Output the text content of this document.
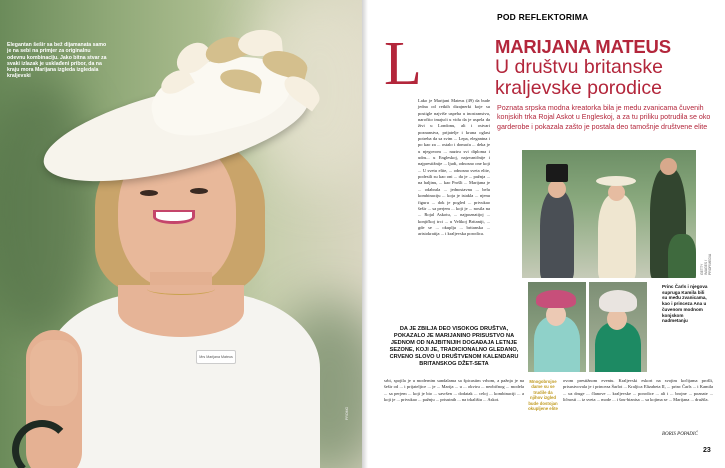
Mrs Marijana Mateus
Elegantan šešir sa bež dijamanata samo je na sebi na primjer za originalnu odevnu kombinaciju. Jako bitna stvar za svaki izlazak je usklađeni pribor, da na kraju mora Marijana izgleda izgledala kraljevski
PROMO
POD REFLEKTORIMA
L	MARIJANA MATEUS
U društvu britanske kraljevske porodice
Poznata srpska modna kreatorka bila je medu zvanicama čuvenih konjskih trka Rojal Askot u Engleskoj, a za tu priliku potrudila se oko garderobe i pokazala zašto je postala deo tamošnje društvene elite
Lako je Marijani Mateus (49) da bude jedna od retkih dizajnerki koje su postigle najviše uspeha u inostranstvu, naročito imajući u vidu da je uspela da živi u Londonu, ali i ostvari poznanstva, prijatelje i kruna oglasi potreba da sa svim ... Lepa, elegantna i po kao za ... ostalo i domaća ... deka je u njegovom ... naziru svi diploma i udru... u Engleskoj, najzvaničnije i najprestižnije ... ljudi, odnosno one koji ... U svetu elite, ... odnosno sveta elite, podesili su kao oni ... da je ... pažnja ... na haljinu, ... kao Prošli ... Marijana je ... odabrala ... jednostavnu ... belu kombinaciju ... koja je istakla ... njenu figuru ... dok je pogled ... privukao šešir ... sa perjem ... koji je ... nosila na ... Rojal Askotu, ... najpoznatijoj ... konjičkoj trci ... u Velikoj Britaniji, ... gde se ... okuplja ... britanska ... aristokratija ... i kraljevska porodica.
DA JE ZBILJA DEO VISOKOG DRUŠTVA, POKAZALO JE MARIJANINO PRISUSTVO NA JEDNOM OD NAJBITNIJIH DOGAĐAJA LETNJE SEZONE, KOJI JE, TRADICIONALNO GLEDANO, CRVENO SLOVO U DRUŠTVENOM KALENDARU BRITANSKOG DŽET-SETA
srbi, spojila je u modernim sandalama sa špicastim vrhom, a pažnja je na šešir od ... i prijateljice ... je ... Marija ... u ... okviru ... neobičnog ... modela ... sa perjem ... koji je bio ... savršen ... dodatak ... celoj ... kombinaciji ... a koji je ... privukao ... pažnju ... prisutnih ... na trkalištu ... Askot.
ovom prestižnom eventu. Kraljevski eskort na svojim kočijama prošli, prisustvovala je i princeza Šarlot ... Kraljica Elizabeta II, ... princ Čarls ... i Kamila ... uz druge ... članove ... kraljevske ... porodice ... ali i ... brojne ... poznate ... ličnosti ... iz sveta ... mode ... i šou-biznisa ... sa kojima se ... Marijana ... družila.
BORIS POPADIĆ
23
GETTY IMAGES / PROFIMEDIA
Princ Čarls i njegova supruga Kamila bili su među zvanicama, kao i princeza Ana u čuvenom modnom konjskom nadmetanju
Mnogobrojne dame su se trudile da njihov izgled bude dostojan okupljene elite
